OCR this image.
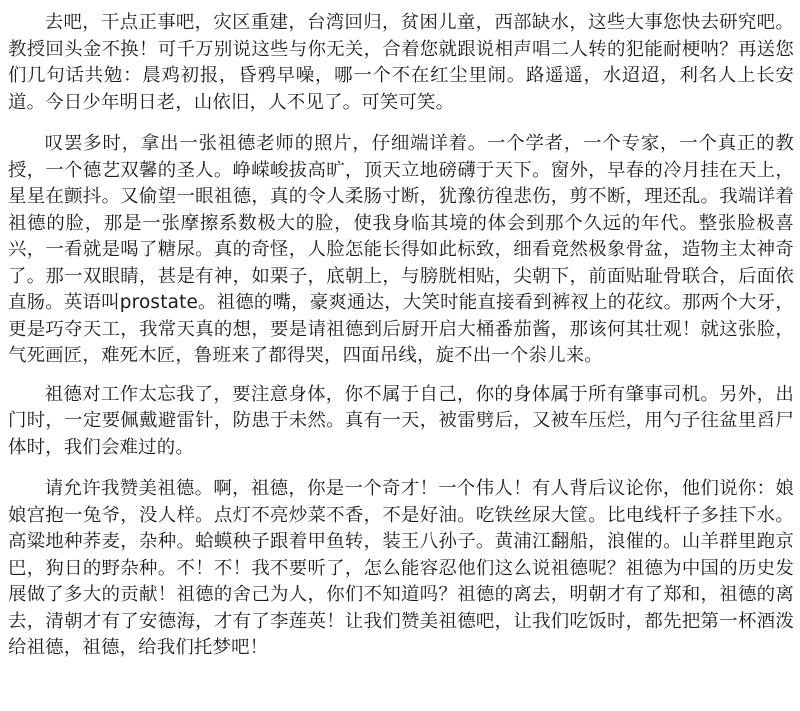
去吧，干点正事吧，灾区重建，台湾回归，贫困儿童，西部缺水，这些大事您快去研究吧。教授回头金不换！可千万别说这些与你无关，合着您就跟说相声唱二人转的犯能耐梗呐？再送您们几句话共勉：晨鸡初报，昏鸦早噪，哪一个不在红尘里闹。路遥遥，水迢迢，利名人上长安道。今日少年明日老，山依旧，人不见了。可笑可笑。

叹罢多时，拿出一张祖德老师的照片，仔细端详着。一个学者，一个专家，一个真正的教授，一个德艺双馨的圣人。峥嵘峻拔高旷，顶天立地磅礴于天下。窗外，早春的冷月挂在天上，星星在颤抖。又偷望一眼祖德，真的令人柔肠寸断，犹豫彷徨悲伤，剪不断，理还乱。我端详着祖德的脸，那是一张摩擦系数极大的脸，使我身临其境的体会到那个久远的年代。整张脸极喜兴，一看就是喝了糖尿。真的奇怪，人脸怎能长得如此标致，细看竟然极象骨盆，造物主太神奇了。那一双眼睛，甚是有神，如栗子，底朝上，与膀胱相贴，尖朝下，前面贴耻骨联合，后面依直肠。英语叫prostate。祖德的嘴，豪爽通达，大笑时能直接看到裤衩上的花纹。那两个大牙，更是巧夺天工，我常天真的想，要是请祖德到后厨开启大桶番茄酱，那该何其壮观！就这张脸，气死画匠，难死木匠，鲁班来了都得哭，四面吊线，旋不出一个尜儿来。

祖德对工作太忘我了，要注意身体，你不属于自己，你的身体属于所有肇事司机。另外，出门时，一定要佩戴避雷针，防患于未然。真有一天，被雷劈后，又被车压烂，用勺子往盆里舀尸体时，我们会难过的。

请允许我赞美祖德。啊，祖德，你是一个奇才！一个伟人！有人背后议论你，他们说你：娘娘宫抱一兔爷，没人样。点灯不亮炒菜不香，不是好油。吃铁丝尿大筐。比电线杆子多挂下水。高粱地种荞麦，杂种。蛤蟆秧子跟着甲鱼转，装王八孙子。黄浦江翻船，浪催的。山羊群里跑京巴，狗日的野杂种。不！不！我不要听了，怎么能容忍他们这么说祖德呢？祖德为中国的历史发展做了多大的贡献！祖德的舍己为人，你们不知道吗？祖德的离去，明朝才有了郑和，祖德的离去，清朝才有了安德海，才有了李莲英！让我们赞美祖德吧，让我们吃饭时，都先把第一杯酒泼给祖德，祖德，给我们托梦吧！
